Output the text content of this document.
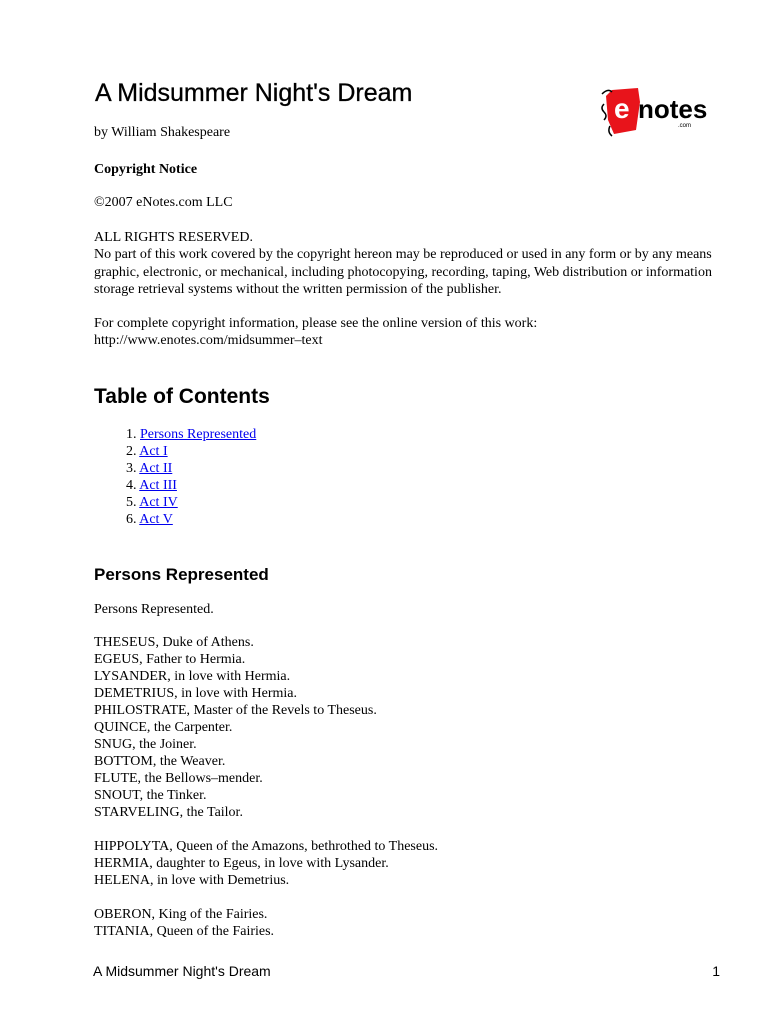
A Midsummer Night's Dream	e notes
.com

by William Shakespeare

Copyright Notice

©2007 eNotes.com LLC

ALL RIGHTS RESERVED.

No part of this work covered by the copyright hereon may be reproduced or used in any form or by any means

graphic, electronic, or mechanical, including photocopying, recording, taping, Web distribution or information

storage retrieval systems without the written permission of the publisher.

For complete copyright information, please see the online version of this work:

http://www.enotes.com/midsummer–text

Table of Contents
1. Persons Represented
2. Act I
3. Act II
4. Act III
5. Act IV
6. Act V
Persons Represented

Persons Represented.

THESEUS, Duke of Athens.
EGEUS, Father to Hermia.
LYSANDER, in love with Hermia.
DEMETRIUS, in love with Hermia.
PHILOSTRATE, Master of the Revels to Theseus.
QUINCE, the Carpenter.
SNUG, the Joiner.
BOTTOM, the Weaver.
FLUTE, the Bellows–mender.
SNOUT, the Tinker.
STARVELING, the Tailor.
HIPPOLYTA, Queen of the Amazons, bethrothed to Theseus.
HERMIA, daughter to Egeus, in love with Lysander.
HELENA, in love with Demetrius.
OBERON, King of the Fairies.
TITANIA, Queen of the Fairies.

A Midsummer Night's Dream	1
